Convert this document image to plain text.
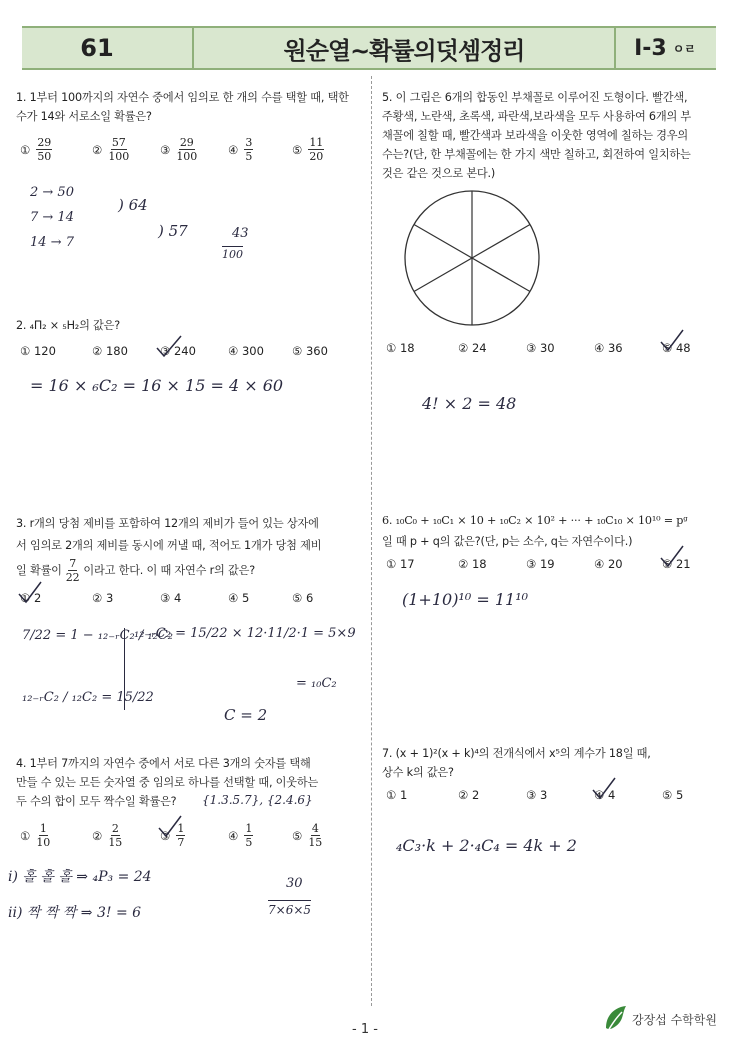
61	원순열~확률의덧셈정리	I-3 ㅇㄹ
1. 1부터 100까지의 자연수 중에서 임의로 한 개의 수를 택할 때, 택한 수가 14와 서로소일 확률은?
① $\frac{29}{50}$	② $\frac{57}{100}$	③ $\frac{29}{100}$	④ $\frac{3}{5}$	⑤ $\frac{11}{20}$
2 → 50
7 → 14
14 → 7
) 64
) 57	43
100
2. ₄Π₂ × ₅H₂의 값은?
① 120	② 180	③ 240	④ 300 ⑤ 360
= 16 × ₆C₂ = 16 × 15 = 4 × 60
3. r개의 당첨 제비를 포함하여 12개의 제비가 들어 있는 상자에
서 임의로 2개의 제비를 동시에 꺼낼 때, 적어도 1개가 당첨 제비
일 확률이 $\frac{7}{22}$ 이라고 한다. 이 때 자연수 r의 값은?
① 2	② 3	③ 4	④ 5	⑤ 6
7/22 = 1 − ₁₂₋ᵣC₂ / ₁₂C₂
₁₂₋ᵣC₂ = 15/22 × 12·11/2·1 = 5×9
= ₁₀C₂
₁₂₋ᵣC₂ / ₁₂C₂ = 15/22
C = 2
4. 1부터 7까지의 자연수 중에서 서로 다른 3개의 숫자를 택해
만들 수 있는 모든 숫자열 중 임의로 하나를 선택할 때, 이웃하는
두 수의 합이 모두 짝수일 확률은?	{1.3.5.7}, {2.4.6}
① $\frac{1}{10}$	② $\frac{2}{15}$	③ $\frac{1}{7}$	④ $\frac{1}{5}$	⑤ $\frac{4}{15}$
i) 홀 홀 홀 ⇒ ₄P₃ = 24
ii) 짝 짝 짝 ⇒ 3! = 6
30
7×6×5
5. 이 그림은 6개의 합동인 부채꼴로 이루어진 도형이다. 빨간색,
주황색, 노란색, 초록색, 파란색,보라색을 모두 사용하여 6개의 부
채꼴에 칠할 때, 빨간색과 보라색을 이웃한 영역에 칠하는 경우의
수는?(단, 한 부채꼴에는 한 가지 색만 칠하고, 회전하여 일치하는
것은 같은 것으로 본다.)
① 18	② 24	③ 30	④ 36	⑤ 48
4! × 2 = 48
6. ₁₀C₀ + ₁₀C₁ × 10 + ₁₀C₂ × 10² + ··· + ₁₀C₁₀ × 10¹⁰ = pᵍ
일 때 p + q의 값은?(단, p는 소수, q는 자연수이다.)
① 17	② 18	③ 19	④ 20	⑤ 21
(1+10)¹⁰ = 11¹⁰
7. (x + 1)²(x + k)⁴의 전개식에서 x⁵의 계수가 18일 때,
상수 k의 값은?
① 1	② 2	③ 3	④ 4	⑤ 5
₄C₃·k + 2·₄C₄ = 4k + 2
- 1 -
강장섭 수학학원
